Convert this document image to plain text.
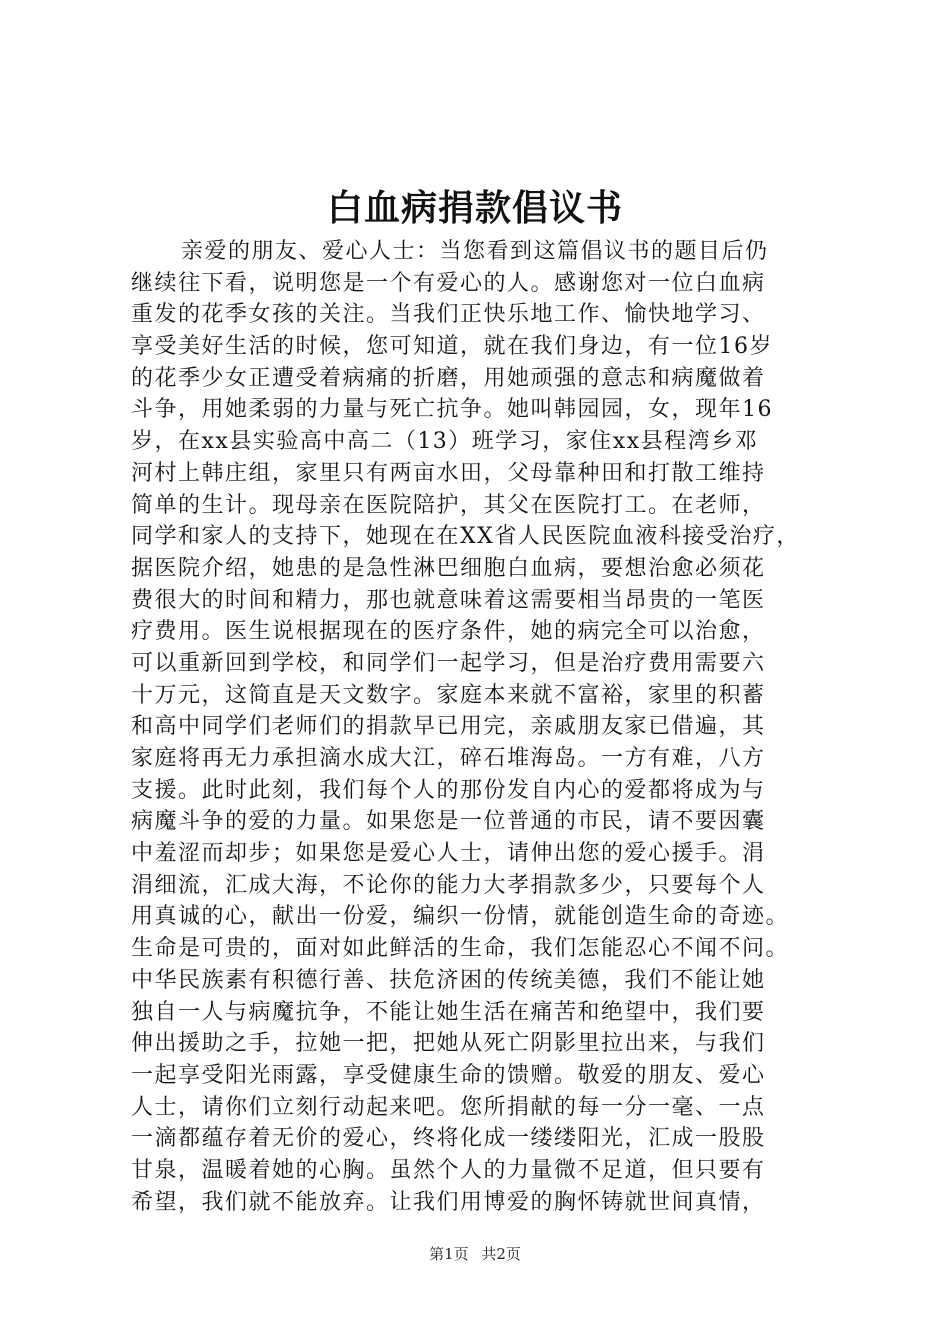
白血病捐款倡议书
亲爱的朋友、爱心人士：当您看到这篇倡议书的题目后仍
继续往下看，说明您是一个有爱心的人。感谢您对一位白血病
重发的花季女孩的关注。当我们正快乐地工作、愉快地学习、
享受美好生活的时候，您可知道，就在我们身边，有一位16岁
的花季少女正遭受着病痛的折磨，用她顽强的意志和病魔做着
斗争，用她柔弱的力量与死亡抗争。她叫韩园园，女，现年16
岁，在xx县实验高中高二（13）班学习，家住xx县程湾乡邓
河村上韩庄组，家里只有两亩水田，父母靠种田和打散工维持
简单的生计。现母亲在医院陪护，其父在医院打工。在老师，
同学和家人的支持下，她现在在XX省人民医院血液科接受治疗，
据医院介绍，她患的是急性淋巴细胞白血病，要想治愈必须花
费很大的时间和精力，那也就意味着这需要相当昂贵的一笔医
疗费用。医生说根据现在的医疗条件，她的病完全可以治愈，
可以重新回到学校，和同学们一起学习，但是治疗费用需要六
十万元，这简直是天文数字。家庭本来就不富裕，家里的积蓄
和高中同学们老师们的捐款早已用完，亲戚朋友家已借遍，其
家庭将再无力承担滴水成大江，碎石堆海岛。一方有难，八方
支援。此时此刻，我们每个人的那份发自内心的爱都将成为与
病魔斗争的爱的力量。如果您是一位普通的市民，请不要因囊
中羞涩而却步；如果您是爱心人士，请伸出您的爱心援手。涓
涓细流，汇成大海，不论你的能力大孝捐款多少，只要每个人
用真诚的心，献出一份爱，编织一份情，就能创造生命的奇迹。
生命是可贵的，面对如此鲜活的生命，我们怎能忍心不闻不问。
中华民族素有积德行善、扶危济困的传统美德，我们不能让她
独自一人与病魔抗争，不能让她生活在痛苦和绝望中，我们要
伸出援助之手，拉她一把，把她从死亡阴影里拉出来，与我们
一起享受阳光雨露，享受健康生命的馈赠。敬爱的朋友、爱心
人士，请你们立刻行动起来吧。您所捐献的每一分一毫、一点
一滴都蕴存着无价的爱心，终将化成一缕缕阳光，汇成一股股
甘泉，温暖着她的心胸。虽然个人的力量微不足道，但只要有
希望，我们就不能放弃。让我们用博爱的胸怀铸就世间真情，
第1页 共2页
